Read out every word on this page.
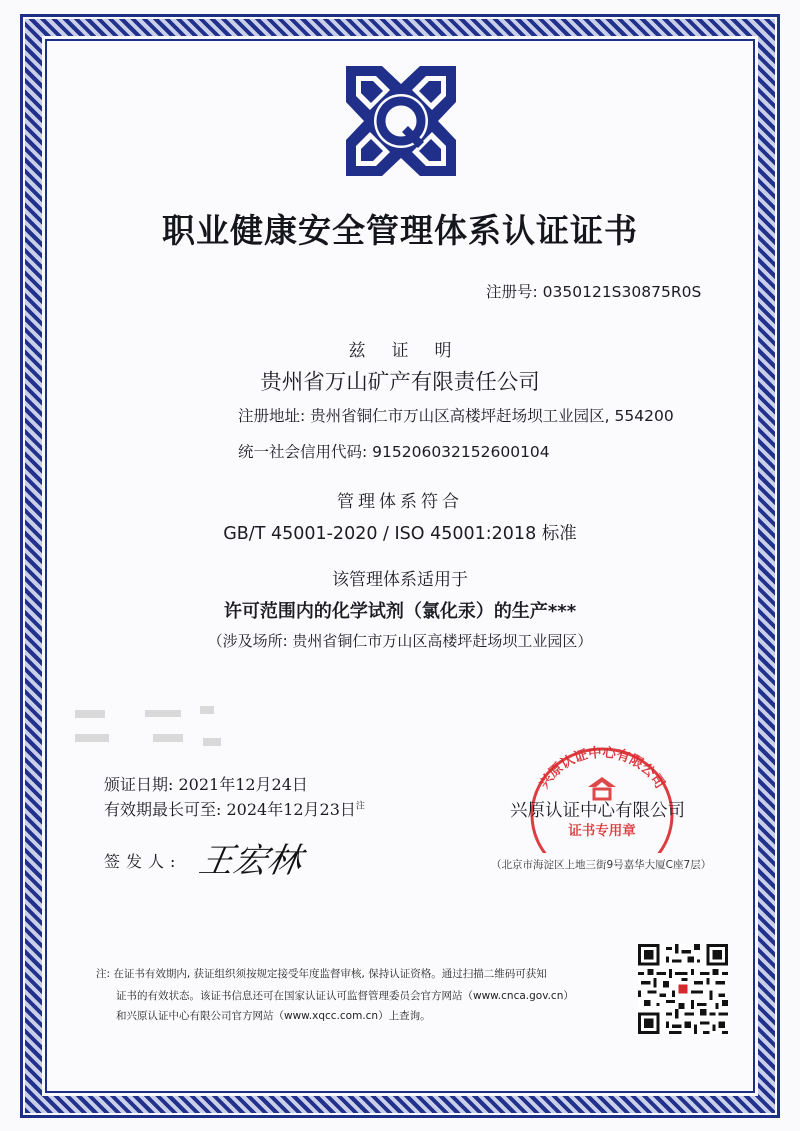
职业健康安全管理体系认证证书
注册号: 0350121S30875R0S
兹证明
贵州省万山矿产有限责任公司
注册地址: 贵州省铜仁市万山区高楼坪赶场坝工业园区, 554200
统一社会信用代码: 915206032152600104
管理体系符合
GB/T 45001-2020 / ISO 45001:2018 标准
该管理体系适用于
许可范围内的化学试剂（氯化汞）的生产***
（涉及场所: 贵州省铜仁市万山区高楼坪赶场坝工业园区）
颁证日期: 2021年12月24日
有效期最长可至: 2024年12月23日$^注$
兴原认证中心有限公司
证书专用章
兴原认证中心有限公司
（北京市海淀区上地三街9号嘉华大厦C座7层）
签发人: 王宏林
注: 在证书有效期内, 获证组织须按规定接受年度监督审核, 保持认证资格。通过扫描二维码可获知
证书的有效状态。该证书信息还可在国家认证认可监督管理委员会官方网站（www.cnca.gov.cn）
和兴原认证中心有限公司官方网站（www.xqcc.com.cn）上查询。
